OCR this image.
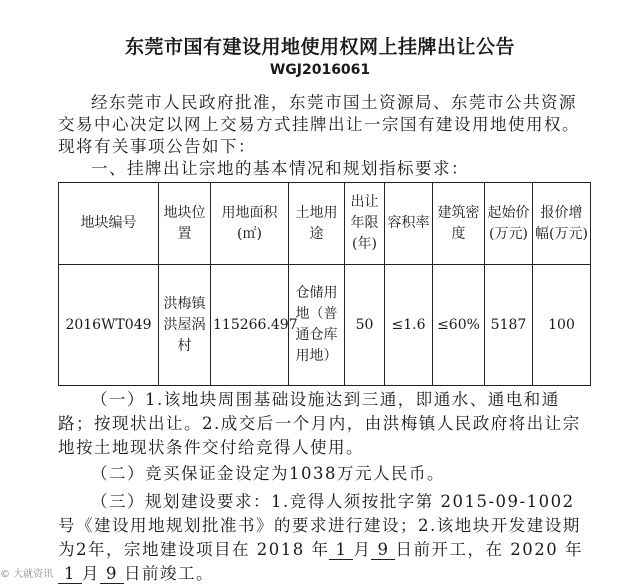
东莞市国有建设用地使用权网上挂牌出让公告
WGJ2016061
经东莞市人民政府批准，东莞市国土资源局、东莞市公共资源交易中心决定以网上交易方式挂牌出让一宗国有建设用地使用权。现将有关事项公告如下：
一、挂牌出让宗地的基本情况和规划指标要求：
地块编号	地块位置	用地面积(㎡)	土地用途	出让年限(年)	容积率	建筑密度	起始价(万元)	报价增幅(万元)
2016WT049	洪梅镇洪屋涡村	115266.497	仓储用地（普通仓库用地）	50	≤1.6	≤60%	5187	100
（一）1.该地块周围基础设施达到三通，即通水、通电和通路；按现状出让。2.成交后一个月内，由洪梅镇人民政府将出让宗地按土地现状条件交付给竞得人使用。
（二）竞买保证金设定为1038万元人民币。
（三）规划建设要求：1.竞得人须按批字第 2015-09-1002 号《建设用地规划批准书》的要求进行建设；2.该地块开发建设期为2年，宗地建设项目在 2018 年 1 月 9 日前开工，在 2020 年1 月 9 日前竣工。
© 大就资讯
